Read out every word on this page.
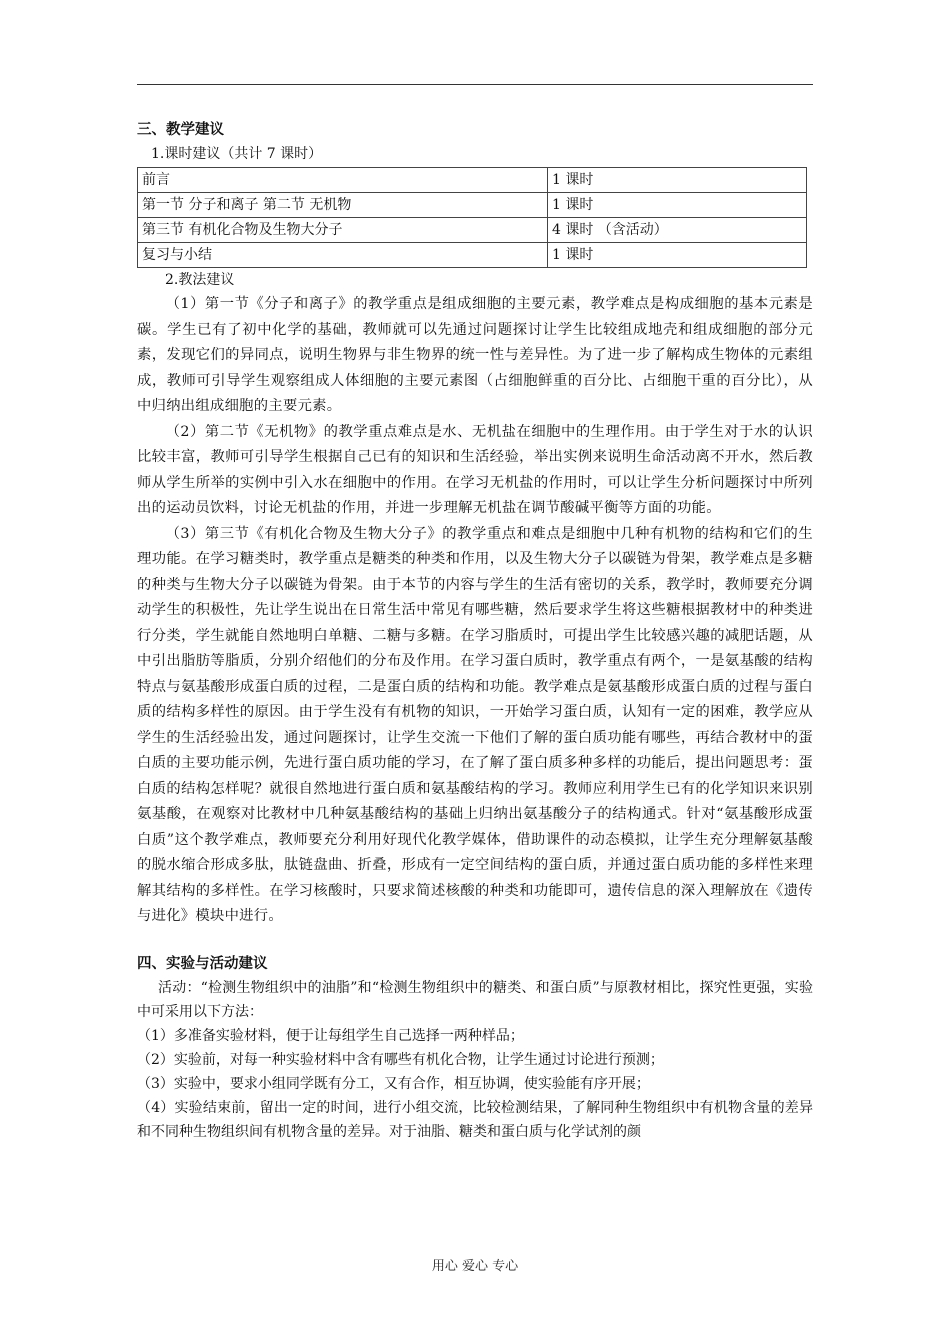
三、教学建议

1.课时建议（共计 7 课时）

前言	1 课时
第一节 分子和离子 第二节 无机物	1 课时
第三节 有机化合物及生物大分子	4 课时 （含活动）
复习与小结	1 课时

2.教法建议

（1）第一节《分子和离子》的教学重点是组成细胞的主要元素，教学难点是构成细胞的基本元素是碳。学生已有了初中化学的基础，教师就可以先通过问题探讨让学生比较组成地壳和组成细胞的部分元素，发现它们的异同点，说明生物界与非生物界的统一性与差异性。为了进一步了解构成生物体的元素组成，教师可引导学生观察组成人体细胞的主要元素图（占细胞鲜重的百分比、占细胞干重的百分比），从中归纳出组成细胞的主要元素。

（2）第二节《无机物》的教学重点难点是水、无机盐在细胞中的生理作用。由于学生对于水的认识比较丰富，教师可引导学生根据自己已有的知识和生活经验，举出实例来说明生命活动离不开水，然后教师从学生所举的实例中引入水在细胞中的作用。在学习无机盐的作用时，可以让学生分析问题探讨中所列出的运动员饮料，讨论无机盐的作用，并进一步理解无机盐在调节酸碱平衡等方面的功能。

（3）第三节《有机化合物及生物大分子》的教学重点和难点是细胞中几种有机物的结构和它们的生理功能。在学习糖类时，教学重点是糖类的种类和作用，以及生物大分子以碳链为骨架，教学难点是多糖的种类与生物大分子以碳链为骨架。由于本节的内容与学生的生活有密切的关系，教学时，教师要充分调动学生的积极性，先让学生说出在日常生活中常见有哪些糖，然后要求学生将这些糖根据教材中的种类进行分类，学生就能自然地明白单糖、二糖与多糖。在学习脂质时，可提出学生比较感兴趣的减肥话题，从中引出脂肪等脂质，分别介绍他们的分布及作用。在学习蛋白质时，教学重点有两个，一是氨基酸的结构特点与氨基酸形成蛋白质的过程，二是蛋白质的结构和功能。教学难点是氨基酸形成蛋白质的过程与蛋白质的结构多样性的原因。由于学生没有有机物的知识，一开始学习蛋白质，认知有一定的困难，教学应从学生的生活经验出发，通过问题探讨，让学生交流一下他们了解的蛋白质功能有哪些，再结合教材中的蛋白质的主要功能示例，先进行蛋白质功能的学习，在了解了蛋白质多种多样的功能后，提出问题思考：蛋白质的结构怎样呢？就很自然地进行蛋白质和氨基酸结构的学习。教师应利用学生已有的化学知识来识别氨基酸，在观察对比教材中几种氨基酸结构的基础上归纳出氨基酸分子的结构通式。针对“氨基酸形成蛋白质”这个教学难点，教师要充分利用好现代化教学媒体，借助课件的动态模拟，让学生充分理解氨基酸的脱水缩合形成多肽，肽链盘曲、折叠，形成有一定空间结构的蛋白质，并通过蛋白质功能的多样性来理解其结构的多样性。在学习核酸时，只要求简述核酸的种类和功能即可，遗传信息的深入理解放在《遗传与进化》模块中进行。

四、实验与活动建议

活动：“检测生物组织中的油脂”和“检测生物组织中的糖类、和蛋白质”与原教材相比，探究性更强，实验中可采用以下方法：

（1）多准备实验材料，便于让每组学生自己选择一两种样品；

（2）实验前，对每一种实验材料中含有哪些有机化合物，让学生通过讨论进行预测；

（3）实验中，要求小组同学既有分工，又有合作，相互协调，使实验能有序开展；

（4）实验结束前，留出一定的时间，进行小组交流，比较检测结果，了解同种生物组织中有机物含量的差异和不同种生物组织间有机物含量的差异。对于油脂、糖类和蛋白质与化学试剂的颜

用心 爱心 专心
